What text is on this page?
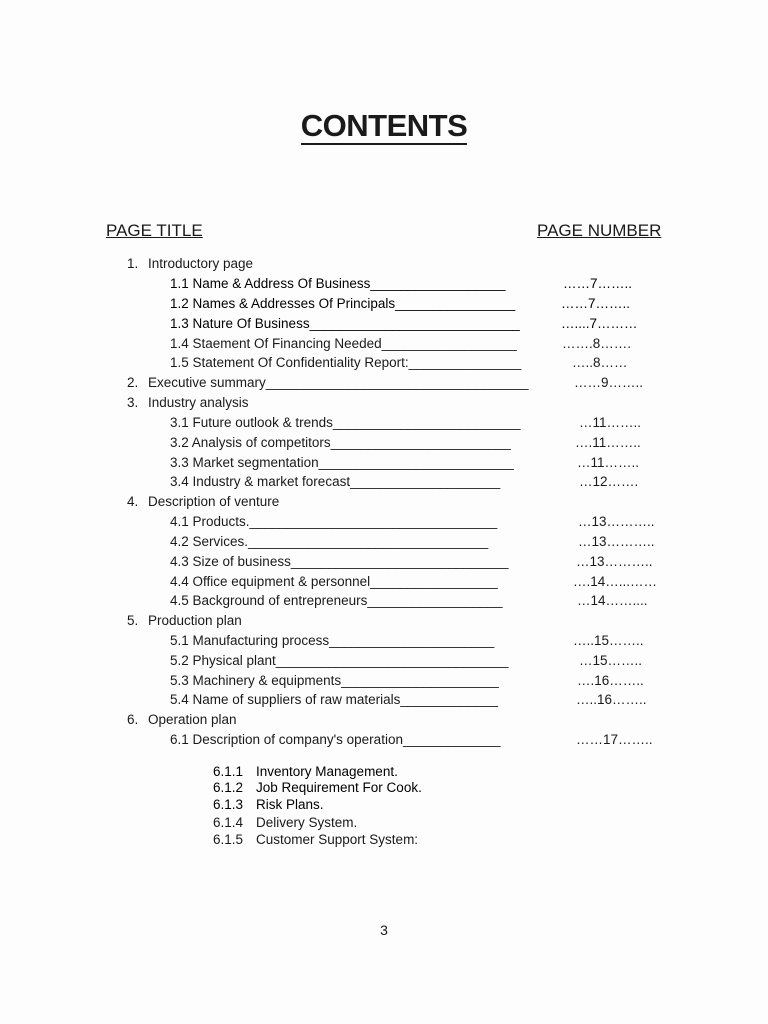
CONTENTS
PAGE TITLE	PAGE NUMBER
1. Introductory page
1.1 Name & Address Of Business__________________	……7……..
1.2 Names & Addresses Of Principals________________	……7……..
1.3 Nature Of Business____________________________	…....7………
1.4 Staement Of Financing Needed__________________	…….8…….
1.5 Statement Of Confidentiality Report:_______________	…..8……
2. Executive summary___________________________________	……9……..
3. Industry analysis
3.1 Future outlook & trends_________________________	…11……..
3.2 Analysis of competitors________________________	….11……..
3.3 Market segmentation__________________________	…11……..
3.4 Industry & market forecast____________________	…12…….
4. Description of venture
4.1 Products._________________________________	…13………..
4.2 Services.________________________________	…13………..
4.3 Size of business_____________________________	…13………..
4.4 Office equipment & personnel_________________	….14…...……
4.5 Background of entrepreneurs__________________	…14……....
5. Production plan
5.1 Manufacturing process______________________	…..15……..
5.2 Physical plant_______________________________	…15……..
5.3 Machinery & equipments_____________________	….16……..
5.4 Name of suppliers of raw materials_____________	…..16……..
6. Operation plan
6.1 Description of company's operation_____________	……17……..
6.1.1 Inventory Management.
6.1.2 Job Requirement For Cook.
6.1.3 Risk Plans.
6.1.4 Delivery System.
6.1.5 Customer Support System:
3
